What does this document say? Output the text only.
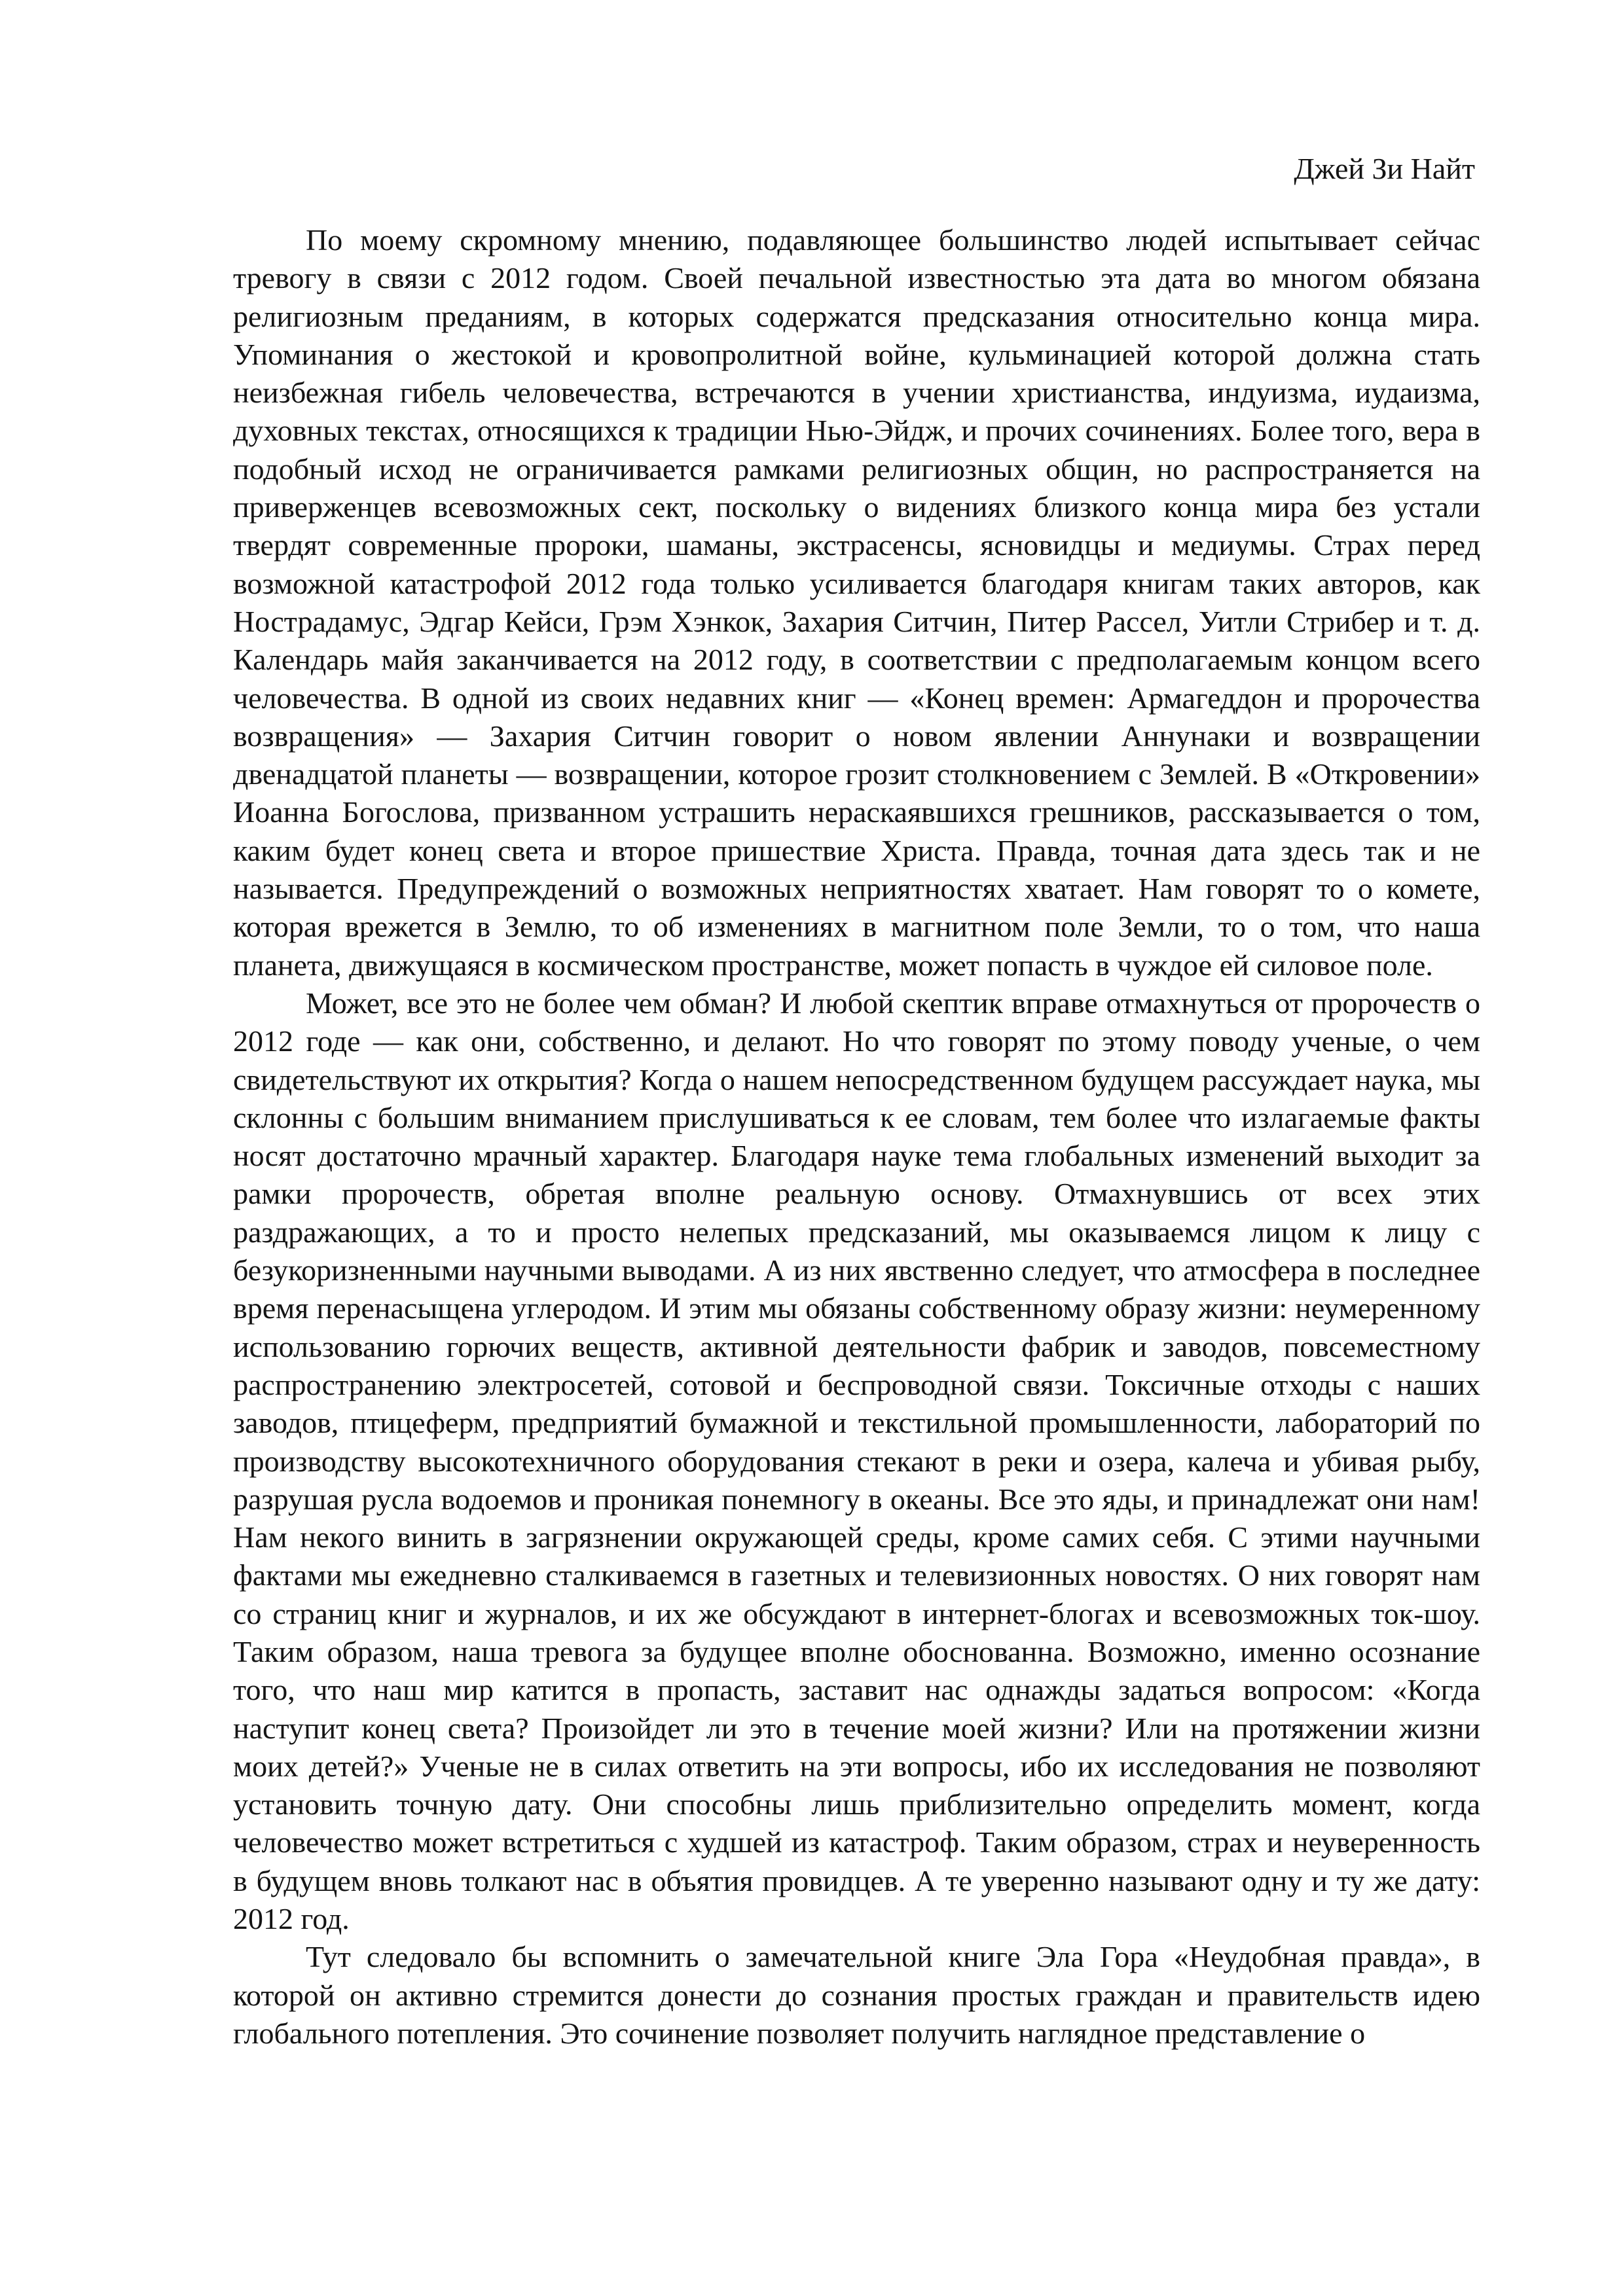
Джей Зи Найт

По моему скромному мнению, подавляющее большинство людей испытывает сейчас тревогу в связи с 2012 годом. Своей печальной известностью эта дата во многом обязана религиозным преданиям, в которых содержатся предсказания относительно конца мира. Упоминания о жестокой и кровопролитной войне, кульминацией которой должна стать неизбежная гибель человечества, встречаются в учении христианства, индуизма, иудаизма, духовных текстах, относящихся к традиции Нью-Эйдж, и прочих сочинениях. Более того, вера в подобный исход не ограничивается рамками религиозных общин, но распространяется на приверженцев всевозможных сект, поскольку о видениях близкого конца мира без устали твердят современные пророки, шаманы, экстрасенсы, ясновидцы и медиумы. Страх перед возможной катастрофой 2012 года только усиливается благодаря книгам таких авторов, как Нострадамус, Эдгар Кейси, Грэм Хэнкок, Захария Ситчин, Питер Рассел, Уитли Стрибер и т. д. Календарь майя заканчивается на 2012 году, в соответствии с предполагаемым концом всего человечества. В одной из своих недавних книг — «Конец времен: Армагеддон и пророчества возвращения» — Захария Ситчин говорит о новом явлении Аннунаки и возвращении двенадцатой планеты — возвращении, которое грозит столкновением с Землей. В «Откровении» Иоанна Богослова, призванном устрашить нераскаявшихся грешников, рассказывается о том, каким будет конец света и второе пришествие Христа. Правда, точная дата здесь так и не называется. Предупреждений о возможных неприятностях хватает. Нам говорят то о комете, которая врежется в Землю, то об изменениях в магнитном поле Земли, то о том, что наша планета, движущаяся в космическом пространстве, может попасть в чуждое ей силовое поле.

Может, все это не более чем обман? И любой скептик вправе отмахнуться от пророчеств о 2012 годе — как они, собственно, и делают. Но что говорят по этому поводу ученые, о чем свидетельствуют их открытия? Когда о нашем непосредственном будущем рассуждает наука, мы склонны с большим вниманием прислушиваться к ее словам, тем более что излагаемые факты носят достаточно мрачный характер. Благодаря науке тема глобальных изменений выходит за рамки пророчеств, обретая вполне реальную основу. Отмахнувшись от всех этих раздражающих, а то и просто нелепых предсказаний, мы оказываемся лицом к лицу с безукоризненными научными выводами. А из них явственно следует, что атмосфера в последнее время перенасыщена углеродом. И этим мы обязаны собственному образу жизни: неумеренному использованию горючих веществ, активной деятельности фабрик и заводов, повсеместному распространению электросетей, сотовой и беспроводной связи. Токсичные отходы с наших заводов, птицеферм, предприятий бумажной и текстильной промышленности, лабораторий по производству высокотехничного оборудования стекают в реки и озера, калеча и убивая рыбу, разрушая русла водоемов и проникая понемногу в океаны. Все это яды, и принадлежат они нам! Нам некого винить в загрязнении окружающей среды, кроме самих себя. С этими научными фактами мы ежедневно сталкиваемся в газетных и телевизионных новостях. О них говорят нам со страниц книг и журналов, и их же обсуждают в интернет-блогах и всевозможных ток-шоу. Таким образом, наша тревога за будущее вполне обоснованна. Возможно, именно осознание того, что наш мир катится в пропасть, заставит нас однажды задаться вопросом: «Когда наступит конец света? Произойдет ли это в течение моей жизни? Или на протяжении жизни моих детей?» Ученые не в силах ответить на эти вопросы, ибо их исследования не позволяют установить точную дату. Они способны лишь приблизительно определить момент, когда человечество может встретиться с худшей из катастроф. Таким образом, страх и неуверенность в будущем вновь толкают нас в объятия провидцев. А те уверенно называют одну и ту же дату: 2012 год.

Тут следовало бы вспомнить о замечательной книге Эла Гора «Неудобная правда», в которой он активно стремится донести до сознания простых граждан и правительств идею глобального потепления. Это сочинение позволяет получить наглядное представление о
